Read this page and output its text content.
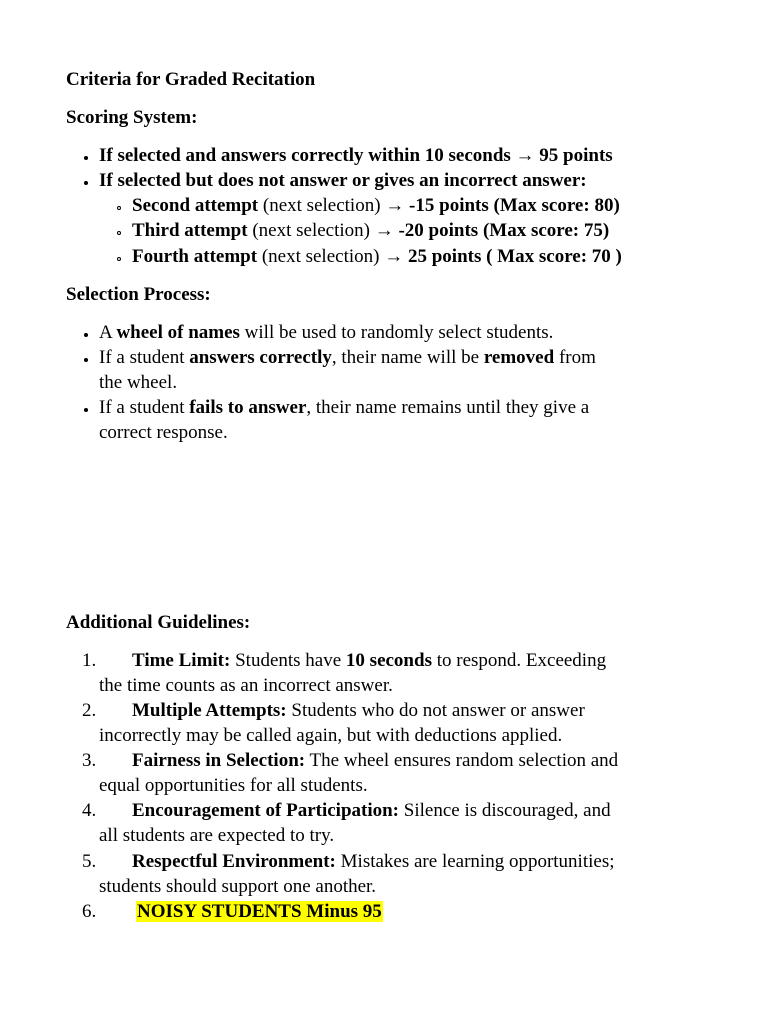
Criteria for Graded Recitation
Scoring System:
If selected and answers correctly within 10 seconds → 95 points
If selected but does not answer or gives an incorrect answer:
Second attempt (next selection) → -15 points (Max score: 80)
Third attempt (next selection) → -20 points (Max score: 75)
Fourth attempt (next selection) → 25 points ( Max score: 70 )
Selection Process:
A wheel of names will be used to randomly select students.
If a student answers correctly, their name will be removed from
the wheel.
If a student fails to answer, their name remains until they give a
correct response.
Additional Guidelines:
1. Time Limit: Students have 10 seconds to respond. Exceeding
the time counts as an incorrect answer.
2. Multiple Attempts: Students who do not answer or answer
incorrectly may be called again, but with deductions applied.
3. Fairness in Selection: The wheel ensures random selection and
equal opportunities for all students.
4. Encouragement of Participation: Silence is discouraged, and
all students are expected to try.
5. Respectful Environment: Mistakes are learning opportunities;
students should support one another.
6. NOISY STUDENTS Minus 95
